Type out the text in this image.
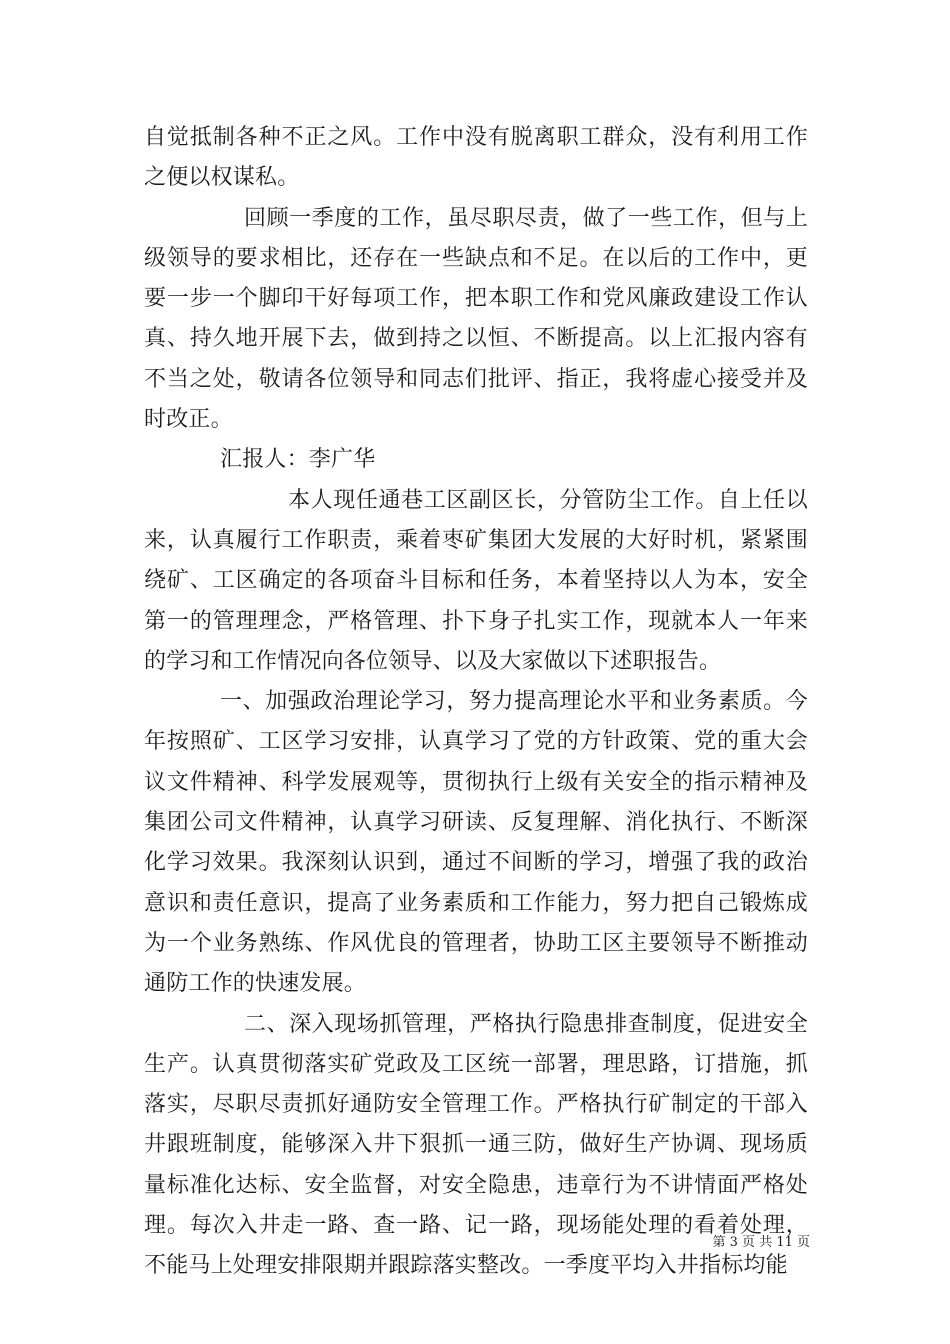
自觉抵制各种不正之风。工作中没有脱离职工群众，没有利用工作之便以权谋私。

回顾一季度的工作，虽尽职尽责，做了一些工作，但与上级领导的要求相比，还存在一些缺点和不足。在以后的工作中，更要一步一个脚印干好每项工作，把本职工作和党风廉政建设工作认真、持久地开展下去，做到持之以恒、不断提高。以上汇报内容有不当之处，敬请各位领导和同志们批评、指正，我将虚心接受并及时改正。

汇报人：李广华

本人现任通巷工区副区长，分管防尘工作。自上任以来，认真履行工作职责，乘着枣矿集团大发展的大好时机，紧紧围绕矿、工区确定的各项奋斗目标和任务，本着坚持以人为本，安全第一的管理理念，严格管理、扑下身子扎实工作，现就本人一年来的学习和工作情况向各位领导、以及大家做以下述职报告。

一、加强政治理论学习，努力提高理论水平和业务素质。今年按照矿、工区学习安排，认真学习了党的方针政策、党的重大会议文件精神、科学发展观等，贯彻执行上级有关安全的指示精神及集团公司文件精神，认真学习研读、反复理解、消化执行、不断深化学习效果。我深刻认识到，通过不间断的学习，增强了我的政治意识和责任意识，提高了业务素质和工作能力，努力把自己锻炼成为一个业务熟练、作风优良的管理者，协助工区主要领导不断推动通防工作的快速发展。

二、深入现场抓管理，严格执行隐患排查制度，促进安全生产。认真贯彻落实矿党政及工区统一部署，理思路，订措施，抓落实，尽职尽责抓好通防安全管理工作。严格执行矿制定的干部入井跟班制度，能够深入井下狠抓一通三防，做好生产协调、现场质量标准化达标、安全监督，对安全隐患，违章行为不讲情面严格处理。每次入井走一路、查一路、记一路，现场能处理的看着处理，不能马上处理安排限期并跟踪落实整改。一季度平均入井指标均能

第 3 页 共 11 页
